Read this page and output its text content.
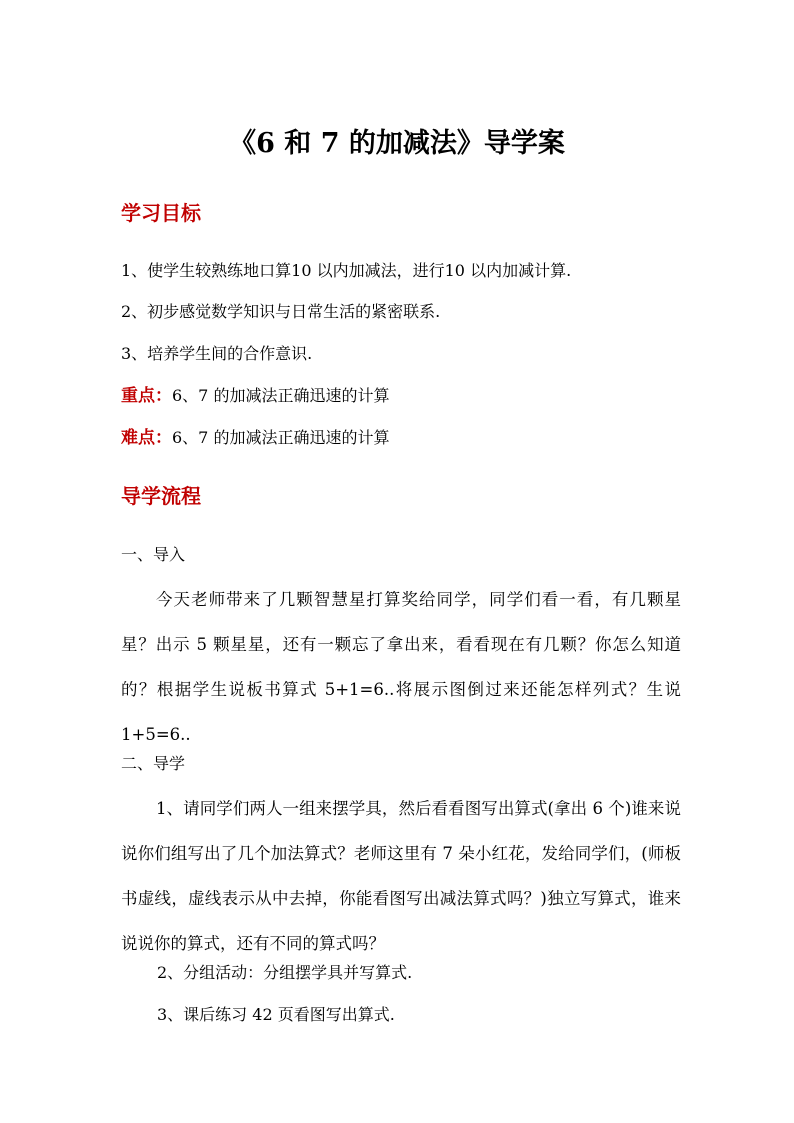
《6 和 7 的加减法》导学案
学习目标
1、使学生较熟练地口算10 以内加减法，进行10 以内加减计算.
2、初步感觉数学知识与日常生活的紧密联系.
3、培养学生间的合作意识.
重点：6、7 的加减法正确迅速的计算
难点：6、7 的加减法正确迅速的计算
导学流程
一、导入
今天老师带来了几颗智慧星打算奖给同学，同学们看一看，有几颗星星？出示 5 颗星星，还有一颗忘了拿出来，看看现在有几颗？你怎么知道的？根据学生说板书算式 5+1=6..将展示图倒过来还能怎样列式？生说 1+5=6..
二、导学
1、请同学们两人一组来摆学具，然后看看图写出算式(拿出 6 个)谁来说说你们组写出了几个加法算式？老师这里有 7 朵小红花，发给同学们，(师板书虚线，虚线表示从中去掉，你能看图写出减法算式吗？)独立写算式，谁来说说你的算式，还有不同的算式吗？
2、分组活动：分组摆学具并写算式.
3、课后练习 42 页看图写出算式.
